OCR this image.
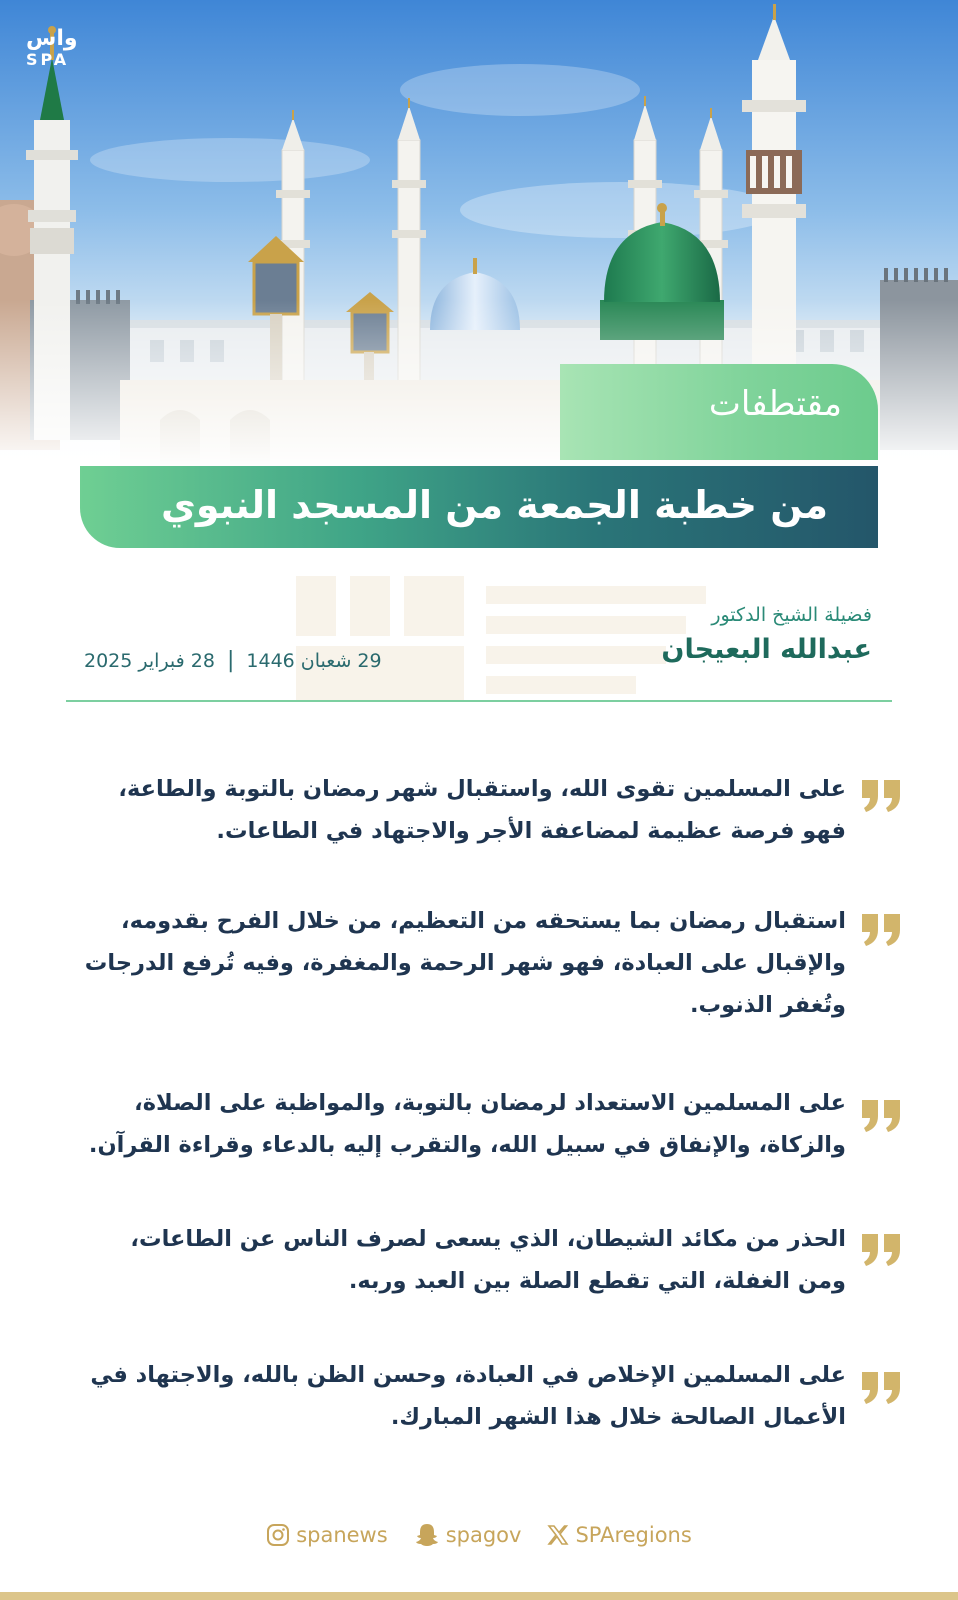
واس
SPA
مقتطفات
من خطبة الجمعة من المسجد النبوي
فضيلة الشيخ الدكتور
عبدالله البعيجان
29 شعبان 1446
|
28 فبراير 2025
على المسلمين تقوى الله، واستقبال شهر رمضان بالتوبة والطاعة، فهو فرصة عظيمة لمضاعفة الأجر والاجتهاد في الطاعات.
استقبال رمضان بما يستحقه من التعظيم، من خلال الفرح بقدومه، والإقبال على العبادة، فهو شهر الرحمة والمغفرة، وفيه تُرفع الدرجات وتُغفر الذنوب.
على المسلمين الاستعداد لرمضان بالتوبة، والمواظبة على الصلاة، والزكاة، والإنفاق في سبيل الله، والتقرب إليه بالدعاء وقراءة القرآن.
الحذر من مكائد الشيطان، الذي يسعى لصرف الناس عن الطاعات، ومن الغفلة، التي تقطع الصلة بين العبد وربه.
على المسلمين الإخلاص في العبادة، وحسن الظن بالله، والاجتهاد في الأعمال الصالحة خلال هذا الشهر المبارك.
spanews	spagov	SPAregions
